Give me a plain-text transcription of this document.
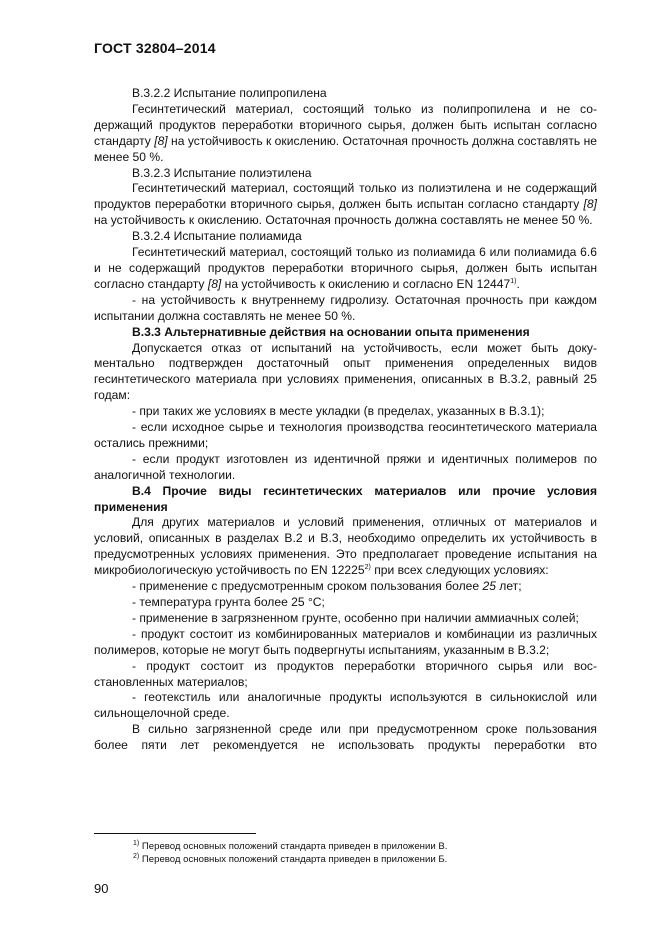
ГОСТ 32804–2014
В.3.2.2 Испытание полипропилена

Гесинтетический материал, состоящий только из полипропилена и не содержащий продуктов переработки вторичного сырья, должен быть испытан согласно стандарту [8] на устойчивость к окислению. Остаточная прочность должна составлять не менее 50 %.

В.3.2.3 Испытание полиэтилена

Гесинтетический материал, состоящий только из полиэтилена и не содержащий продуктов переработки вторичного сырья, должен быть испытан согласно стандарту [8] на устойчивость к окислению. Остаточная прочность должна составлять не менее 50 %.

В.3.2.4 Испытание полиамида

Гесинтетический материал, состоящий только из полиамида 6 или полиамида 6.6 и не содержащий продуктов переработки вторичного сырья, должен быть испытан согласно стандарту [8] на устойчивость к окислению и согласно EN 12447$^{1)}$.

- на устойчивость к внутреннему гидролизу. Остаточная прочность при каждом испытании должна составлять не менее 50 %.

В.3.3 Альтернативные действия на основании опыта применения

Допускается отказ от испытаний на устойчивость, если может быть документально подтвержден достаточный опыт применения определенных видов гесинтетического материала при условиях применения, описанных в В.3.2, равный 25 годам:

- при таких же условиях в месте укладки (в пределах, указанных в В.3.1);

- если исходное сырье и технология производства геосинтетического материала остались прежними;

- если продукт изготовлен из идентичной пряжи и идентичных полимеров по аналогичной технологии.

В.4 Прочие виды гесинтетических материалов или прочие условия применения

Для других материалов и условий применения, отличных от материалов и условий, описанных в разделах В.2 и В.3, необходимо определить их устойчивость в предусмотренных условиях применения. Это предполагает проведение испытания на микробиологическую устойчивость по EN 12225$^{2)}$ при всех следующих условиях:

- применение с предусмотренным сроком пользования более 25 лет;

- температура грунта более 25 °С;

- применение в загрязненном грунте, особенно при наличии аммиачных солей;

- продукт состоит из комбинированных материалов и комбинации из различных полимеров, которые не могут быть подвергнуты испытаниям, указанным в В.3.2;

- продукт состоит из продуктов переработки вторичного сырья или восстановленных материалов;

- геотекстиль или аналогичные продукты используются в сильнокислой или сильнощелочной среде.

В сильно загрязненной среде или при предусмотренном сроке пользования более пяти лет рекомендуется не использовать продукты переработки вто

$^{1)}$ Перевод основных положений стандарта приведен в приложении В.
$^{2)}$ Перевод основных положений стандарта приведен в приложении Б.
90
